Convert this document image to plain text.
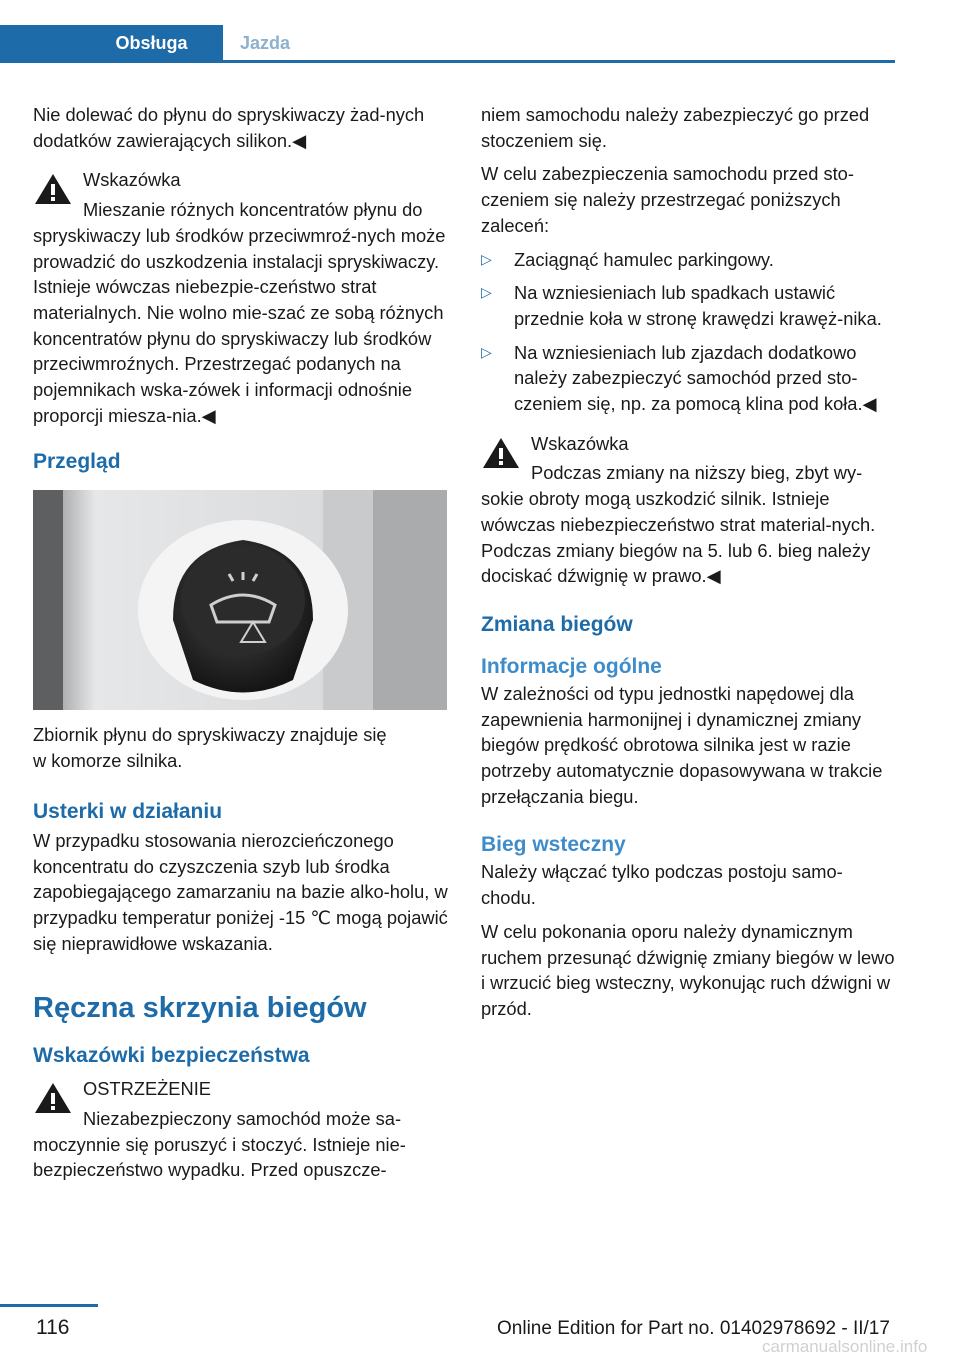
Obsługa	Jazda

Nie dolewać do płynu do spryskiwaczy żad‐nych dodatków zawierających silikon.◀

Wskazówka

Mieszanie różnych koncentratów płynu do spryskiwaczy lub środków przeciwmroź‐nych może prowadzić do uszkodzenia instalacji spryskiwaczy. Istnieje wówczas niebezpie‐czeństwo strat materialnych. Nie wolno mie‐szać ze sobą różnych koncentratów płynu do spryskiwaczy lub środków przeciwmroźnych. Przestrzegać podanych na pojemnikach wska‐zówek i informacji odnośnie proporcji miesza‐nia.◀

Przegląd

Zbiornik płynu do spryskiwaczy znajduje się w komorze silnika.

Usterki w działaniu

W przypadku stosowania nierozcieńczonego koncentratu do czyszczenia szyb lub środka zapobiegającego zamarzaniu na bazie alko‐holu, w przypadku temperatur poniżej -15 ℃ mogą pojawić się nieprawidłowe wskazania.

Ręczna skrzynia biegów
Wskazówki bezpieczeństwa
OSTRZEŻENIE

Niezabezpieczony samochód może sa‐moczynnie się poruszyć i stoczyć. Istnieje nie‐bezpieczeństwo wypadku. Przed opuszcze‐

niem samochodu należy zabezpieczyć go przed stoczeniem się.

W celu zabezpieczenia samochodu przed sto‐czeniem się należy przestrzegać poniższych zaleceń:

▷ Zaciągnąć hamulec parkingowy.
▷ Na wzniesieniach lub spadkach ustawić przednie koła w stronę krawędzi krawęż‐nika.
▷ Na wzniesieniach lub zjazdach dodatkowo należy zabezpieczyć samochód przed sto‐czeniem się, np. za pomocą klina pod koła.◀
Wskazówka

Podczas zmiany na niższy bieg, zbyt wy‐sokie obroty mogą uszkodzić silnik. Istnieje wówczas niebezpieczeństwo strat material‐nych. Podczas zmiany biegów na 5. lub 6. bieg należy dociskać dźwignię w prawo.◀

Zmiana biegów
Informacje ogólne

W zależności od typu jednostki napędowej dla zapewnienia harmonijnej i dynamicznej zmiany biegów prędkość obrotowa silnika jest w razie potrzeby automatycznie dopasowywana w trakcie przełączania biegu.

Bieg wsteczny

Należy włączać tylko podczas postoju samo‐chodu.

W celu pokonania oporu należy dynamicznym ruchem przesunąć dźwignię zmiany biegów w lewo i wrzucić bieg wsteczny, wykonując ruch dźwigni w przód.

116	Online Edition for Part no. 01402978692 - II/17
carmanualsonline.info
